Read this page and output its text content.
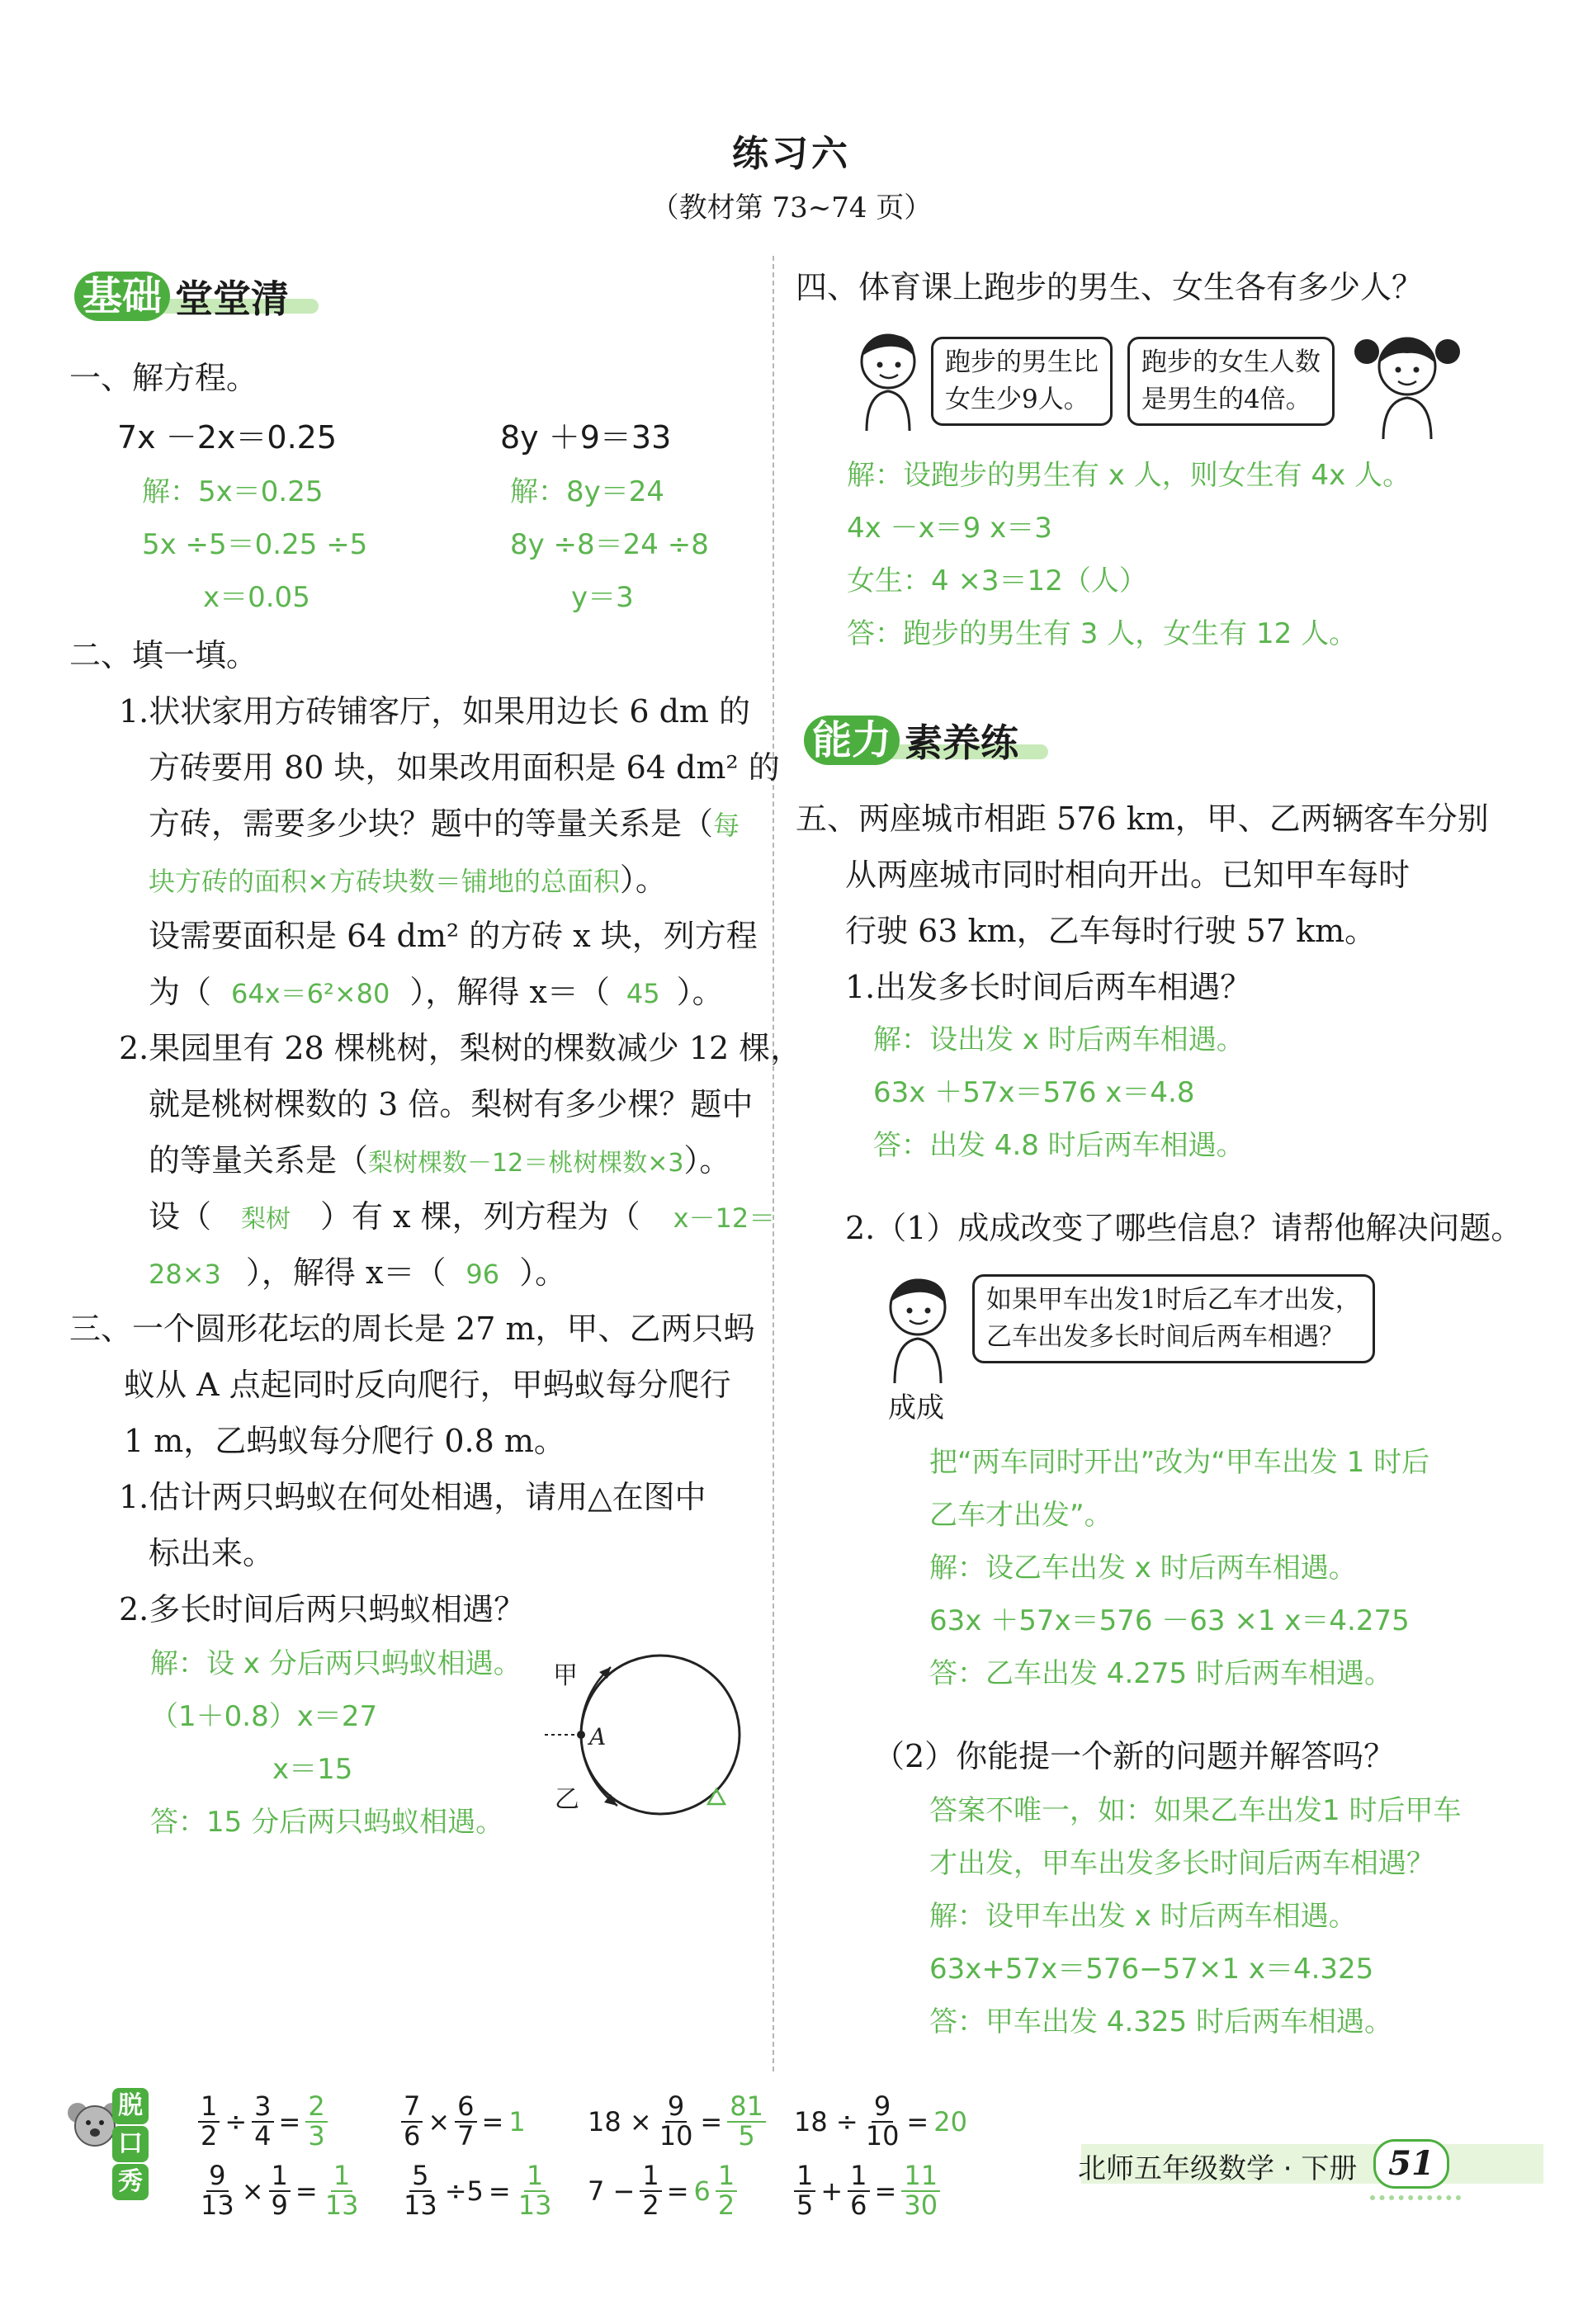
练习六
（教材第 73~74 页）
基础 堂堂清
一、解方程。
7x －2x＝0.25
解：5x＝0.25
5x ÷5＝0.25 ÷5
x＝0.05
8y ＋9＝33
解：8y＝24
8y ÷8＝24 ÷8
y＝3
二、填一填。
1.状状家用方砖铺客厅，如果用边长 6 dm 的
方砖要用 80 块，如果改用面积是 64 dm² 的
方砖，需要多少块？题中的等量关系是（每
块方砖的面积×方砖块数＝铺地的总面积）。
设需要面积是 64 dm² 的方砖 x 块，列方程
为（ 64x＝6²×80 ），解得 x＝（ 45 ）。
2.果园里有 28 棵桃树，梨树的棵数减少 12 棵，
就是桃树棵数的 3 倍。梨树有多少棵？题中
的等量关系是（梨树棵数－12＝桃树棵数×3）。
设（ 梨树 ）有 x 棵，列方程为（ x－12＝
28×3 ），解得 x＝（ 96 ）。
三、一个圆形花坛的周长是 27 m，甲、乙两只蚂
蚁从 A 点起同时反向爬行，甲蚂蚁每分爬行
1 m，乙蚂蚁每分爬行 0.8 m。
1.估计两只蚂蚁在何处相遇，请用△在图中
标出来。
2.多长时间后两只蚂蚁相遇？
解：设 x 分后两只蚂蚁相遇。
（1＋0.8）x＝27
x＝15
答：15 分后两只蚂蚁相遇。
甲
乙
A
四、体育课上跑步的男生、女生各有多少人？
跑步的男生比
女生少9人。
跑步的女生人数
是男生的4倍。
解：设跑步的男生有 x 人，则女生有 4x 人。
4x －x＝9 x＝3
女生：4 ×3＝12（人）
答：跑步的男生有 3 人，女生有 12 人。
能力 素养练
五、两座城市相距 576 km，甲、乙两辆客车分别
从两座城市同时相向开出。已知甲车每时
行驶 63 km，乙车每时行驶 57 km。
1.出发多长时间后两车相遇？
解：设出发 x 时后两车相遇。
63x ＋57x＝576 x＝4.8
答：出发 4.8 时后两车相遇。
2.（1）成成改变了哪些信息？请帮他解决问题。
成成
如果甲车出发1时后乙车才出发，
乙车出发多长时间后两车相遇？
把“两车同时开出”改为“甲车出发 1 时后
乙车才出发”。
解：设乙车出发 x 时后两车相遇。
63x ＋57x＝576 －63 ×1 x＝4.275
答：乙车出发 4.275 时后两车相遇。
（2）你能提一个新的问题并解答吗？
答案不唯一，如：如果乙车出发1 时后甲车
才出发，甲车出发多长时间后两车相遇？
解：设甲车出发 x 时后两车相遇。
63x+57x＝576−57×1 x＝4.325
答：甲车出发 4.325 时后两车相遇。
脱
口
秀
$\frac{1}{2} \div \frac{3}{4} = \frac{2}{3}$
$\frac{9}{13} \times \frac{1}{9} = \frac{1}{13}$
$\frac{7}{6} \times \frac{6}{7} = 1$
$\frac{5}{13} \div 5 = \frac{1}{13}$
$18 \times \frac{9}{10} = \frac{81}{5}$
$7 - \frac{1}{2} = 6 \frac{1}{2}$
$18 \div \frac{9}{10} = 20$
$\frac{1}{5} + \frac{1}{6} = \frac{11}{30}$	北师五年级数学 · 下册 51
